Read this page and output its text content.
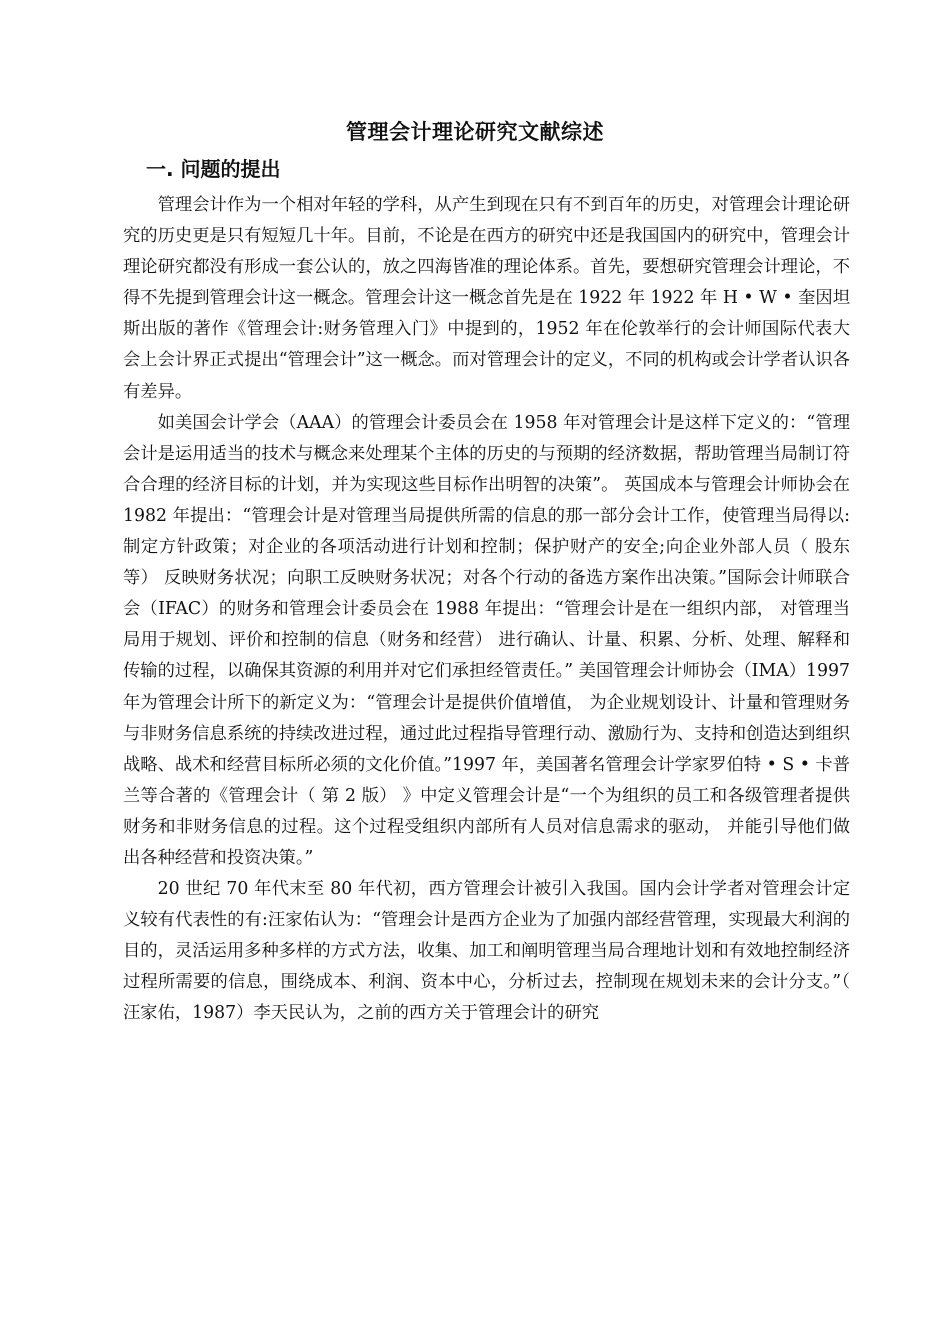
管理会计理论研究文献综述
一. 问题的提出

管理会计作为一个相对年轻的学科，从产生到现在只有不到百年的历史，对管理会计理论研究的历史更是只有短短几十年。目前，不论是在西方的研究中还是我国国内的研究中，管理会计理论研究都没有形成一套公认的，放之四海皆准的理论体系。首先，要想研究管理会计理论，不得不先提到管理会计这一概念。管理会计这一概念首先是在 1922 年 1922 年 H • W • 奎因坦斯出版的著作《管理会计:财务管理入门》中提到的，1952 年在伦敦举行的会计师国际代表大会上会计界正式提出“管理会计”这一概念。而对管理会计的定义，不同的机构或会计学者认识各有差异。

如美国会计学会（AAA）的管理会计委员会在 1958 年对管理会计是这样下定义的：“管理会计是运用适当的技术与概念来处理某个主体的历史的与预期的经济数据，帮助管理当局制订符合合理的经济目标的计划，并为实现这些目标作出明智的决策”。 英国成本与管理会计师协会在 1982 年提出：“管理会计是对管理当局提供所需的信息的那一部分会计工作，使管理当局得以:制定方针政策；对企业的各项活动进行计划和控制；保护财产的安全;向企业外部人员（ 股东等） 反映财务状况；向职工反映财务状况；对各个行动的备选方案作出决策。”国际会计师联合会（IFAC）的财务和管理会计委员会在 1988 年提出：“管理会计是在一组织内部， 对管理当局用于规划、评价和控制的信息（财务和经营） 进行确认、计量、积累、分析、处理、解释和传输的过程，以确保其资源的利用并对它们承担经管责任。” 美国管理会计师协会（IMA）1997 年为管理会计所下的新定义为：“管理会计是提供价值增值， 为企业规划设计、计量和管理财务与非财务信息系统的持续改进过程，通过此过程指导管理行动、激励行为、支持和创造达到组织战略、战术和经营目标所必须的文化价值。”1997 年，美国著名管理会计学家罗伯特 • S • 卡普兰等合著的《管理会计（ 第 2 版） 》中定义管理会计是“一个为组织的员工和各级管理者提供财务和非财务信息的过程。这个过程受组织内部所有人员对信息需求的驱动， 并能引导他们做出各种经营和投资决策。”

20 世纪 70 年代末至 80 年代初，西方管理会计被引入我国。国内会计学者对管理会计定义较有代表性的有:汪家佑认为：“管理会计是西方企业为了加强内部经营管理，实现最大利润的目的，灵活运用多种多样的方式方法，收集、加工和阐明管理当局合理地计划和有效地控制经济过程所需要的信息，围绕成本、利润、资本中心，分析过去，控制现在规划未来的会计分支。”（ 汪家佑，1987）李天民认为，之前的西方关于管理会计的研究
